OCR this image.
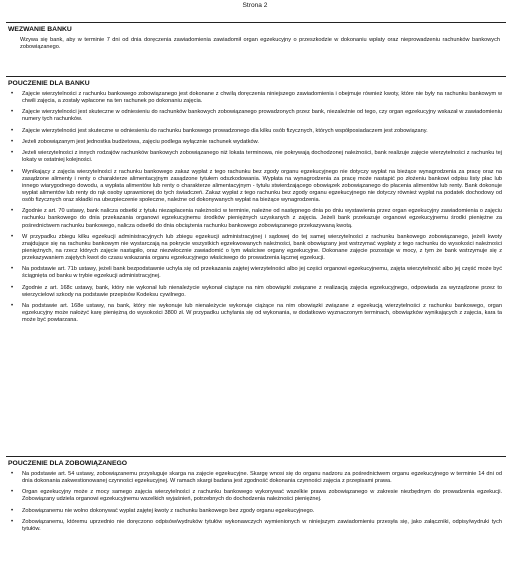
Strona 2
WEZWANIE BANKU
Wzywa się bank, aby w terminie 7 dni od dnia doręczenia zawiadomienia zawiadomił organ egzekucyjny o przeszkodzie w dokonaniu wpłaty oraz nieprowadzeniu rachunków bankowych zobowiązanego.
POUCZENIE DLA BANKU
• Zajęcie wierzytelności z rachunku bankowego zobowiązanego jest dokonane z chwilą doręczenia niniejszego zawiadomienia i obejmuje również kwoty, które nie były na rachunku bankowym w chwili zajęcia, a zostały wpłacone na ten rachunek po dokonaniu zajęcia.
• Zajęcie wierzytelności jest skuteczne w odniesieniu do rachunków bankowych zobowiązanego prowadzonych przez bank, niezależnie od tego, czy organ egzekucyjny wskazał w zawiadomieniu numery tych rachunków.
• Zajęcie wierzytelności jest skuteczne w odniesieniu do rachunku bankowego prowadzonego dla kilku osób fizycznych, których współposiadaczem jest zobowiązany.
• Jeżeli zobowiązanym jest jednostka budżetowa, zajęciu podlega wyłącznie rachunek wydatków.
• Jeżeli wierzytelności z innych rodzajów rachunków bankowych zobowiązanego niż lokata terminowa, nie pokrywają dochodzonej należności, bank realizuje zajęcie wierzytelności z rachunku tej lokaty w ostatniej kolejności.
• Wynikający z zajęcia wierzytelności z rachunku bankowego zakaz wypłat z tego rachunku bez zgody organu egzekucyjnego nie dotyczy wypłat na bieżące wynagrodzenia za pracę oraz na zasądzone alimenty i renty o charakterze alimentacyjnym zasądzone tytułem odszkodowania. Wypłata na wynagrodzenia za pracę może nastąpić po złożeniu bankowi odpisu listy płac lub innego wiarygodnego dowodu, a wypłata alimentów lub renty o charakterze alimentacyjnym - tytułu stwierdzającego obowiązek zobowiązanego do płacenia alimentów lub renty. Bank dokonuje wypłat alimentów lub renty do rąk osoby uprawnionej do tych świadczeń. Zakaz wypłat z tego rachunku bez zgody organu egzekucyjnego nie dotyczy również wypłat na podatek dochodowy od osób fizycznych oraz składki na ubezpieczenie społeczne, należne od dokonywanych wypłat na bieżące wynagrodzenia.
• Zgodnie z art. 70 ustawy, bank nalicza odsetki z tytułu niezapłacenia należności w terminie, należne od następnego dnia po dniu wystawienia przez organ egzekucyjny zawiadomienia o zajęciu rachunku bankowego do dnia przekazania organowi egzekucyjnemu środków pieniężnych uzyskanych z zajęcia. Jeżeli bank przekazuje organowi egzekucyjnemu środki pieniężne za pośrednictwem rachunku bankowego, nalicza odsetki do dnia obciążenia rachunku bankowego zobowiązanego przekazywaną kwotą.
• W przypadku zbiegu kilku egzekucji administracyjnych lub zbiegu egzekucji administracyjnej i sądowej do tej samej wierzytelności z rachunku bankowego zobowiązanego, jeżeli kwoty znajdujące się na rachunku bankowym nie wystarczają na pokrycie wszystkich egzekwowanych należności, bank obowiązany jest wstrzymać wypłaty z tego rachunku do wysokości należności pieniężnych, na rzecz których zajęcie nastąpiło, oraz niezwłocznie zawiadomić o tym właściwe organy egzekucyjne. Dokonane zajęcie pozostaje w mocy, z tym że bank wstrzymuje się z przekazywaniem zajętych kwot do czasu wskazania organu egzekucyjnego właściwego do prowadzenia łącznej egzekucji.
• Na podstawie art. 71b ustawy, jeżeli bank bezpodstawnie uchyla się od przekazania zajętej wierzytelności albo jej części organowi egzekucyjnemu, zajęta wierzytelność albo jej część może być ściągnięta od banku w trybie egzekucji administracyjnej.
• Zgodnie z art. 168c ustawy, bank, który nie wykonał lub nienależycie wykonał ciążące na nim obowiązki związane z realizacją zajęcia egzekucyjnego, odpowiada za wyrządzone przez to wierzycielowi szkody na podstawie przepisów Kodeksu cywilnego.
• Na podstawie art. 168e ustawy, na bank, który nie wykonuje lub nienależycie wykonuje ciążące na nim obowiązki związane z egzekucją wierzytelności z rachunku bankowego, organ egzekucyjny może nałożyć karę pieniężną do wysokości 3800 zł. W przypadku uchylania się od wykonania, w dodatkowo wyznaczonym terminach, obowiązków wynikających z zajęcia, kara ta może być powtarzana.
POUCZENIE DLA ZOBOWIĄZANEGO
• Na podstawie art. 54 ustawy, zobowiązanemu przysługuje skarga na zajęcie egzekucyjne. Skargę wnosi się do organu nadzoru za pośrednictwem organu egzekucyjnego w terminie 14 dni od dnia dokonania zakwestionowanej czynności egzekucyjnej. W ramach skargi badana jest zgodność dokonania czynności zajęcia z przepisami prawa.
• Organ egzekucyjny może z mocy samego zajęcia wierzytelności z rachunku bankowego wykonywać wszelkie prawa zobowiązanego w zakresie niezbędnym do prowadzenia egzekucji. Zobowiązany udziela organowi egzekucyjnemu wszelkich wyjaśnień, potrzebnych do dochodzenia należności pieniężnej.
• Zobowiązanemu nie wolno dokonywać wypłat zajętej kwoty z rachunku bankowego bez zgody organu egzekucyjnego.
• Zobowiązanemu, któremu uprzednio nie doręczono odpisów/wydruków tytułów wykonawczych wymienionych w niniejszym zawiadomieniu przesyła się, jako załączniki, odpisy/wydruki tych tytułów.
